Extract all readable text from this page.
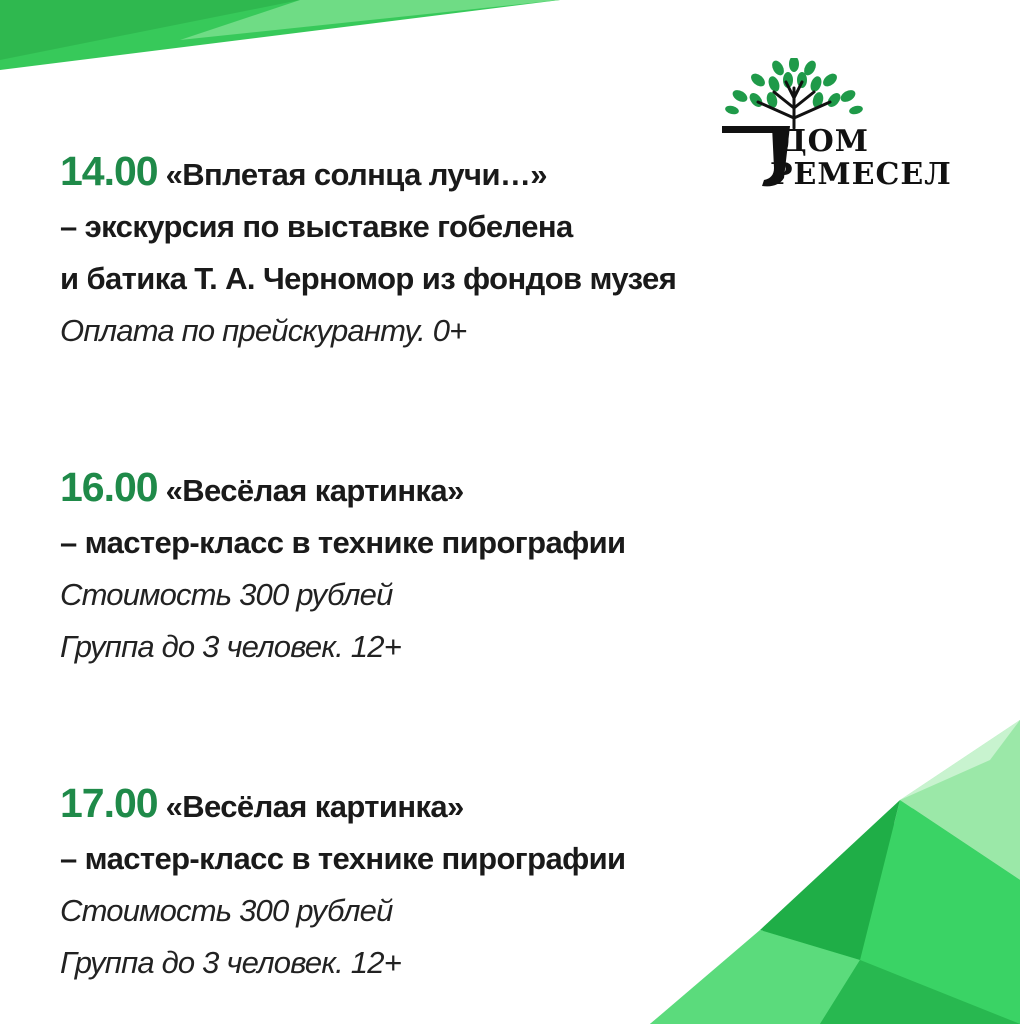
ДОМ
РЕМЕСЕЛ
14.00 «Вплетая солнца лучи…»
– экскурсия по выставке гобелена
и батика Т. А. Черномор из фондов музея
Оплата по прейскуранту. 0+
16.00 «Весёлая картинка»
– мастер-класс в технике пирографии
Стоимость 300 рублей
Группа до 3 человек. 12+
17.00 «Весёлая картинка»
– мастер-класс в технике пирографии
Стоимость 300 рублей
Группа до 3 человек. 12+
